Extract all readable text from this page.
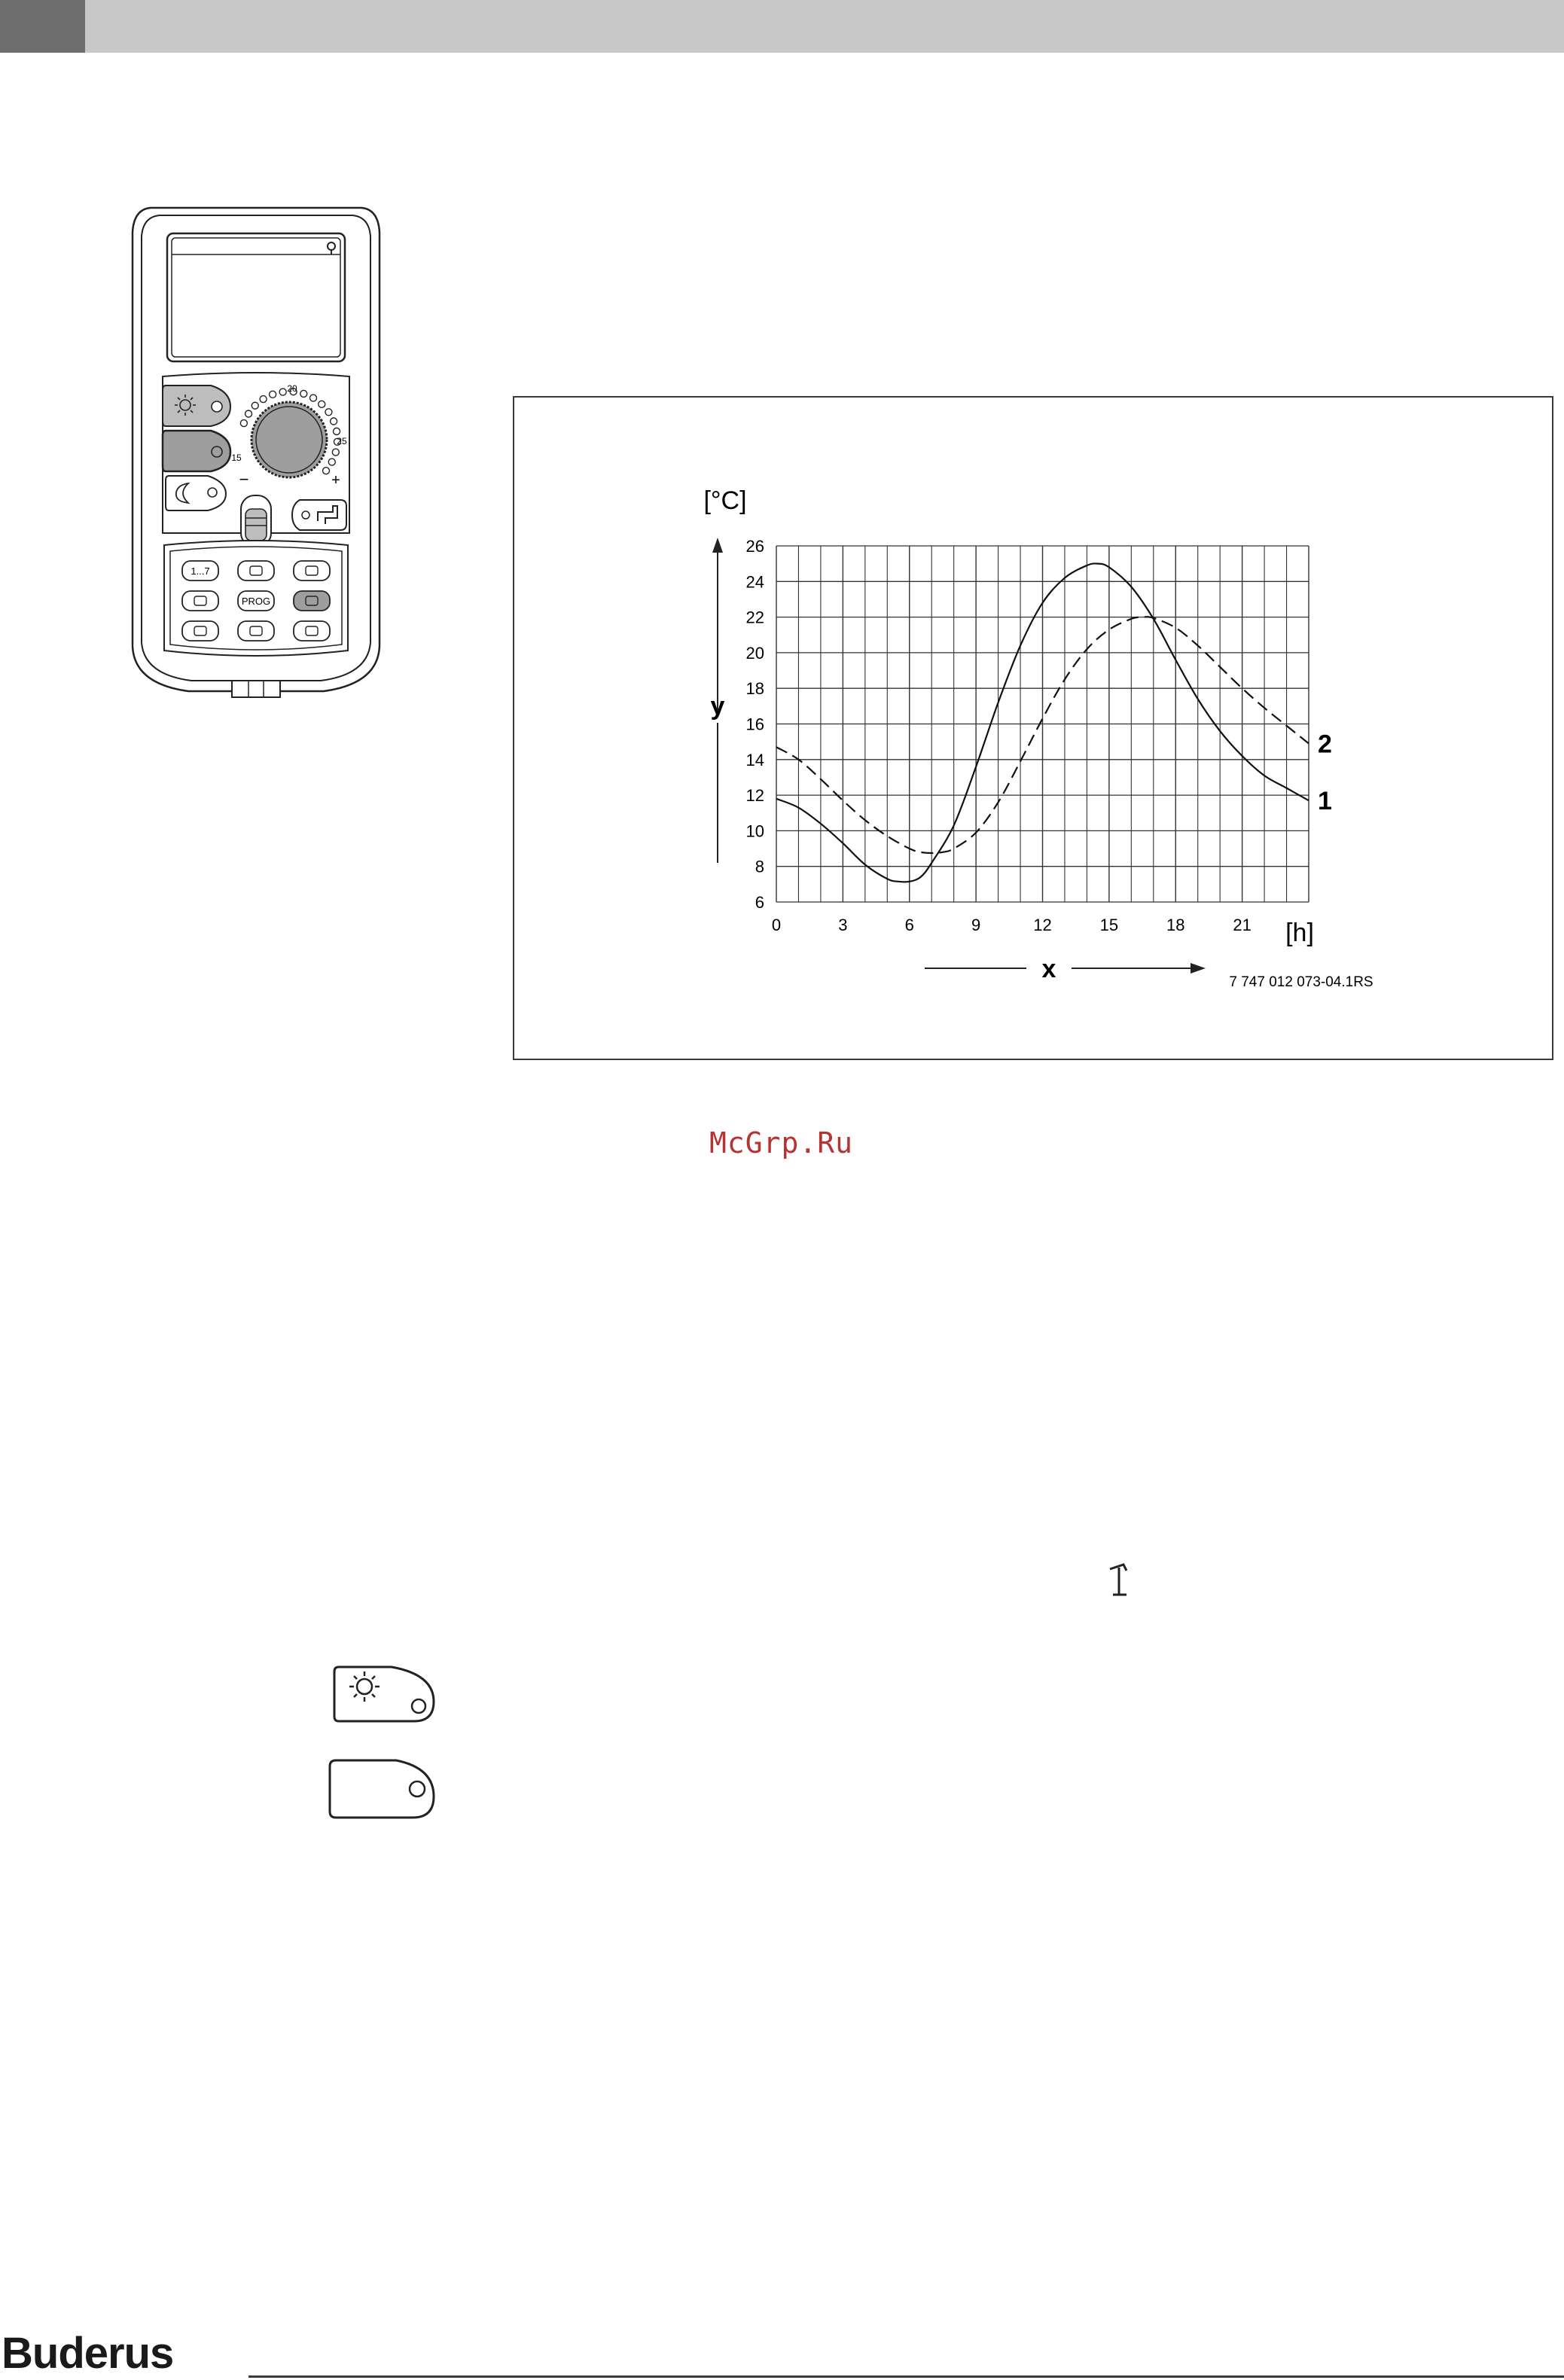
20
15
25
−	+
1...7
PROG
0	3	6	9	12	15	18	21
6
8
10
12
14
16
18
20
22
24
26
1
2
y
[°C]
x
[h]
7 747 012 073-04.1RS
McGrp.Ru
Buderus
